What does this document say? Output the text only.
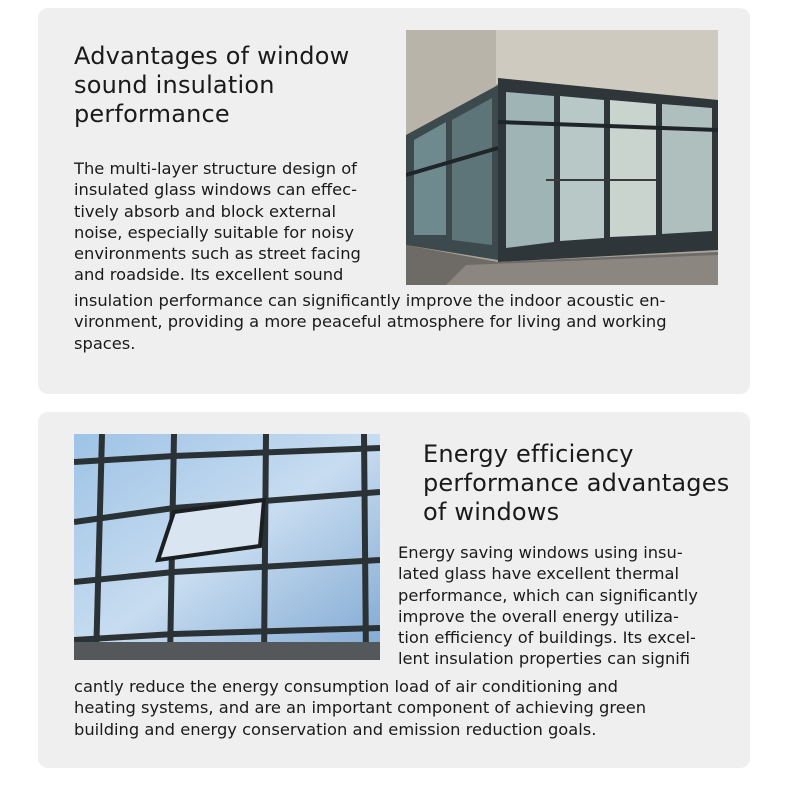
Advantages of window
sound insulation
performance

The multi-layer structure design of
insulated glass windows can effec-
tively absorb and block external
noise, especially suitable for noisy
environments such as street facing
and roadside. Its excellent sound

insulation performance can significantly improve the indoor acoustic en-
vironment, providing a more peaceful atmosphere for living and working
spaces.

Energy efficiency
performance advantages
of windows

Energy saving windows using insu-
lated glass have excellent thermal
performance, which can significantly
improve the overall energy utiliza-
tion efficiency of buildings. Its excel-
lent insulation properties can signifi

cantly reduce the energy consumption load of air conditioning and
heating systems, and are an important component of achieving green
building and energy conservation and emission reduction goals.
